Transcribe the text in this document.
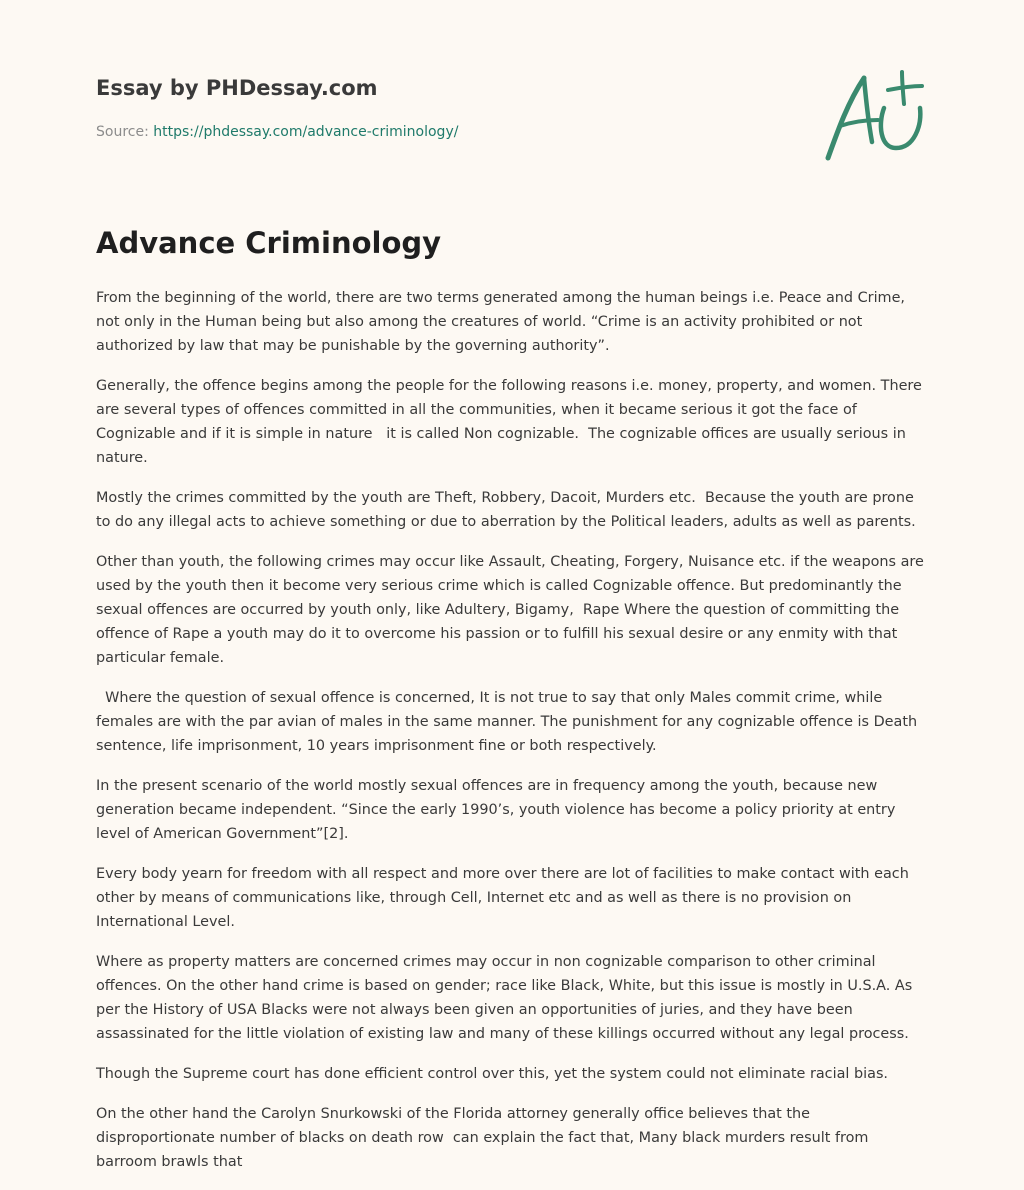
Essay by PHDessay.com
Source: https://phdessay.com/advance-criminology/
Advance Criminology

From the beginning of the world, there are two terms generated among the human beings i.e. Peace and Crime, not only in the Human being but also among the creatures of world. “Crime is an activity prohibited or not authorized by law that may be punishable by the governing authority”.

Generally, the offence begins among the people for the following reasons i.e. money, property, and women. There are several types of offences committed in all the communities, when it became serious it got the face of Cognizable and if it is simple in nature   it is called Non cognizable.  The cognizable offices are usually serious in nature.

Mostly the crimes committed by the youth are Theft, Robbery, Dacoit, Murders etc.  Because the youth are prone to do any illegal acts to achieve something or due to aberration by the Political leaders, adults as well as parents.

Other than youth, the following crimes may occur like Assault, Cheating, Forgery, Nuisance etc. if the weapons are used by the youth then it become very serious crime which is called Cognizable offence. But predominantly the sexual offences are occurred by youth only, like Adultery, Bigamy,  Rape Where the question of committing the offence of Rape a youth may do it to overcome his passion or to fulfill his sexual desire or any enmity with that particular female.

Where the question of sexual offence is concerned, It is not true to say that only Males commit crime, while females are with the par avian of males in the same manner. The punishment for any cognizable offence is Death sentence, life imprisonment, 10 years imprisonment fine or both respectively.

In the present scenario of the world mostly sexual offences are in frequency among the youth, because new generation became independent. “Since the early 1990’s, youth violence has become a policy priority at entry level of American Government”[2].

Every body yearn for freedom with all respect and more over there are lot of facilities to make contact with each other by means of communications like, through Cell, Internet etc and as well as there is no provision on International Level.

Where as property matters are concerned crimes may occur in non cognizable comparison to other criminal offences. On the other hand crime is based on gender; race like Black, White, but this issue is mostly in U.S.A. As per the History of USA Blacks were not always been given an opportunities of juries, and they have been assassinated for the little violation of existing law and many of these killings occurred without any legal process.

Though the Supreme court has done efficient control over this, yet the system could not eliminate racial bias.

On the other hand the Carolyn Snurkowski of the Florida attorney generally office believes that the disproportionate number of blacks on death row  can explain the fact that, Many black murders result from barroom brawls that
